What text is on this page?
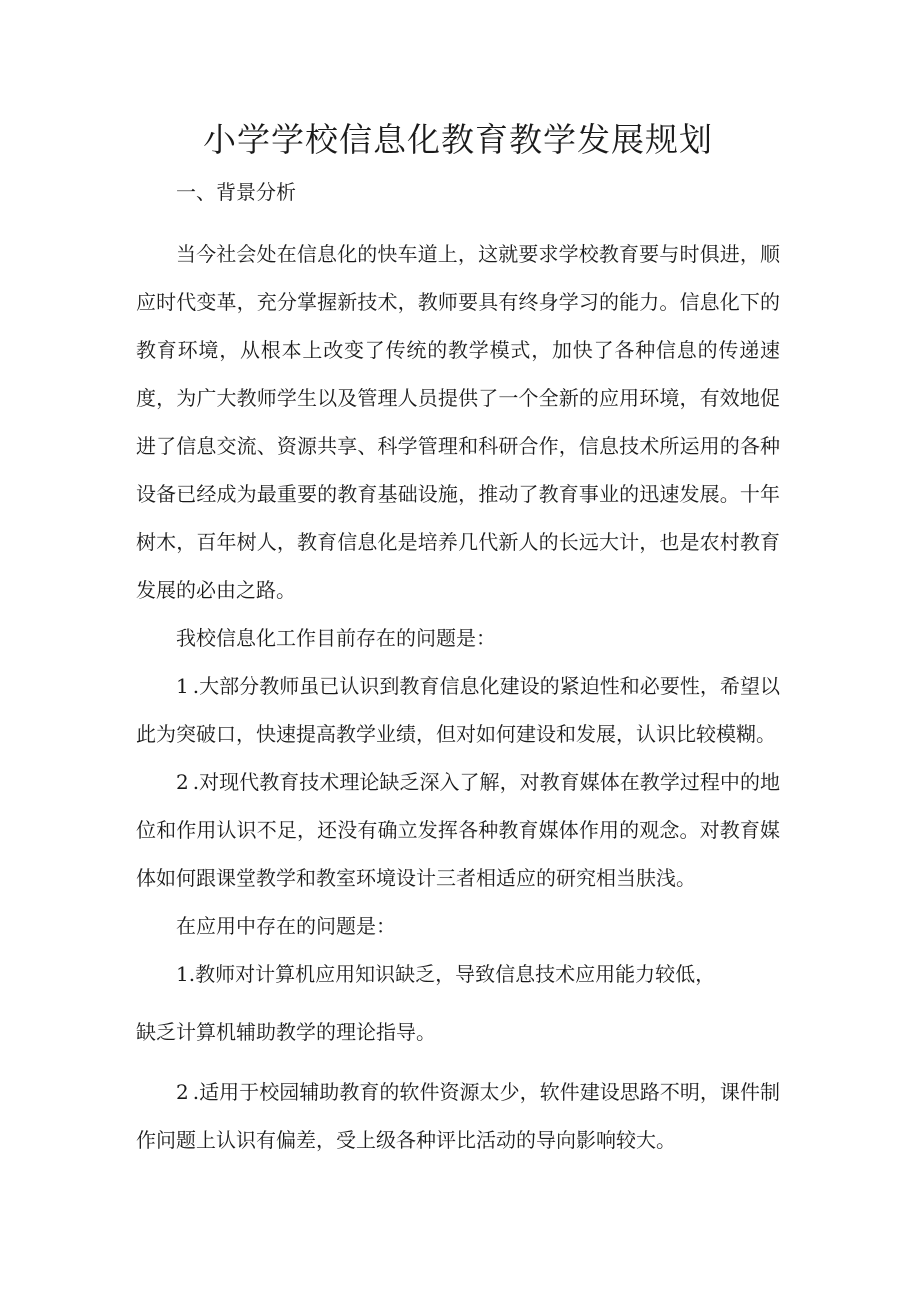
小学学校信息化教育教学发展规划

一、背景分析

当今社会处在信息化的快车道上，这就要求学校教育要与时俱进，顺应时代变革，充分掌握新技术，教师要具有终身学习的能力。信息化下的教育环境，从根本上改变了传统的教学模式，加快了各种信息的传递速度，为广大教师学生以及管理人员提供了一个全新的应用环境，有效地促进了信息交流、资源共享、科学管理和科研合作，信息技术所运用的各种设备已经成为最重要的教育基础设施，推动了教育事业的迅速发展。十年树木，百年树人，教育信息化是培养几代新人的长远大计，也是农村教育发展的必由之路。

我校信息化工作目前存在的问题是：

1 .大部分教师虽已认识到教育信息化建设的紧迫性和必要性，希望以此为突破口，快速提高教学业绩，但对如何建设和发展，认识比较模糊。

2 .对现代教育技术理论缺乏深入了解，对教育媒体在教学过程中的地位和作用认识不足，还没有确立发挥各种教育媒体作用的观念。对教育媒体如何跟课堂教学和教室环境设计三者相适应的研究相当肤浅。

在应用中存在的问题是：

1.教师对计算机应用知识缺乏，导致信息技术应用能力较低，

缺乏计算机辅助教学的理论指导。

2 .适用于校园辅助教育的软件资源太少，软件建设思路不明，课件制作问题上认识有偏差，受上级各种评比活动的导向影响较大。
